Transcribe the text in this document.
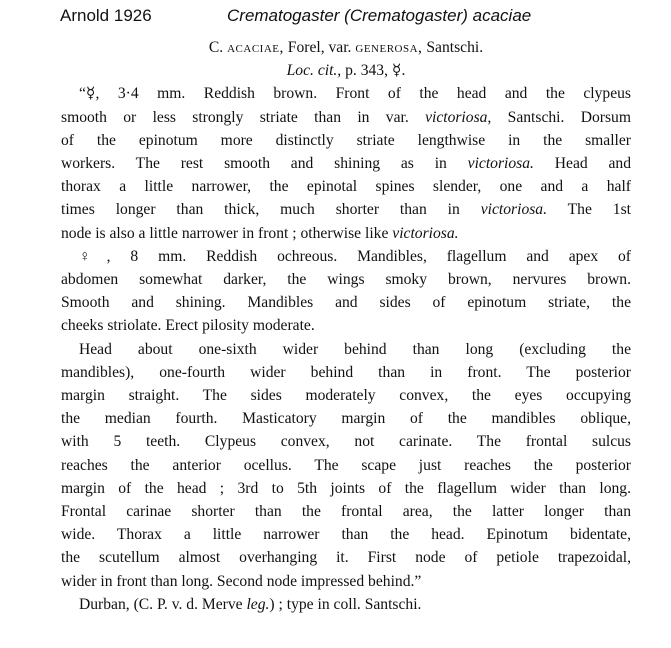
Arnold 1926	Crematogaster (Crematogaster) acaciae

C. acaciae, Forel, var. generosa, Santschi.

Loc. cit., p. 343, ☿.

“☿, 3·4 mm. Reddish brown. Front of the head and the clypeus
smooth or less strongly striate than in var. victoriosa, Santschi. Dorsum
of the epinotum more distinctly striate lengthwise in the smaller
workers. The rest smooth and shining as in victoriosa. Head and
thorax a little narrower, the epinotal spines slender, one and a half
times longer than thick, much shorter than in victoriosa. The 1st
node is also a little narrower in front ; otherwise like victoriosa.
♀, 8 mm. Reddish ochreous. Mandibles, flagellum and apex of
abdomen somewhat darker, the wings smoky brown, nervures brown.
Smooth and shining. Mandibles and sides of epinotum striate, the
cheeks striolate. Erect pilosity moderate.
Head about one-sixth wider behind than long (excluding the
mandibles), one-fourth wider behind than in front. The posterior
margin straight. The sides moderately convex, the eyes occupying
the median fourth. Masticatory margin of the mandibles oblique,
with 5 teeth. Clypeus convex, not carinate. The frontal sulcus
reaches the anterior ocellus. The scape just reaches the posterior
margin of the head ; 3rd to 5th joints of the flagellum wider than long.
Frontal carinae shorter than the frontal area, the latter longer than
wide. Thorax a little narrower than the head. Epinotum bidentate,
the scutellum almost overhanging it. First node of petiole trapezoidal,
wider in front than long. Second node impressed behind.”
Durban, (C. P. v. d. Merve leg.) ; type in coll. Santschi.
